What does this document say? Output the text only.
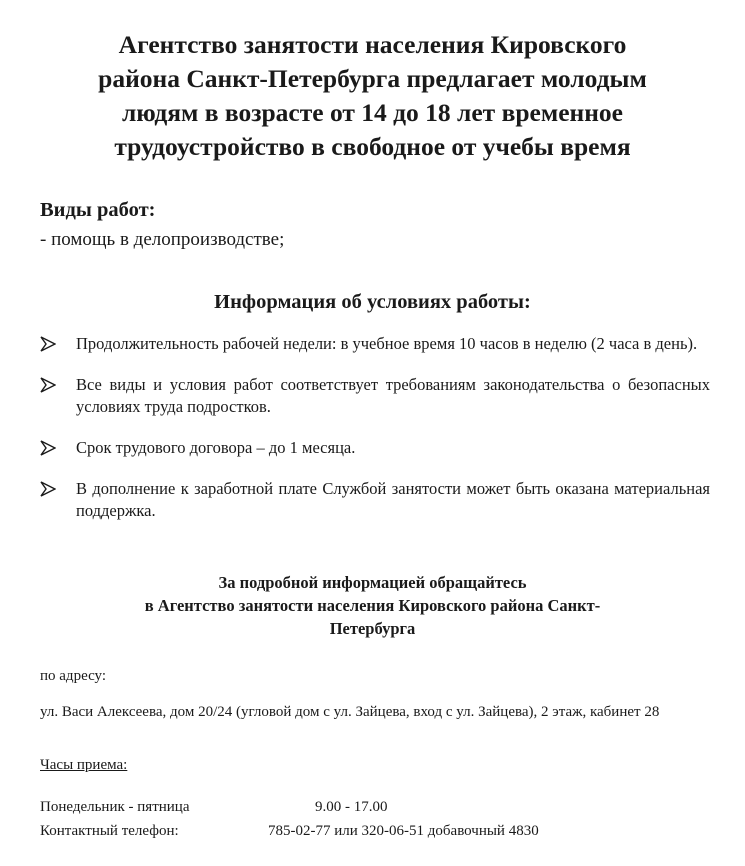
Агентство занятости населения Кировского
района Санкт-Петербурга предлагает молодым
людям в возрасте от 14 до 18 лет временное
трудоустройство в свободное от учебы время
Виды работ:

- помощь в делопроизводстве;

Информация об условиях работы:
Продолжительность рабочей недели: в учебное время 10 часов в неделю (2 часа в день).
Все виды и условия работ соответствует требованиям законодательства о безопасных условиях труда подростков.
Срок трудового договора – до 1 месяца.
В дополнение к заработной плате Службой занятости может быть оказана материальная поддержка.

За подробной информацией обращайтесь
в Агентство занятости населения Кировского района Санкт-
Петербурга

по адресу:

ул. Васи Алексеева, дом 20/24 (угловой дом с ул. Зайцева, вход с ул. Зайцева), 2 этаж, кабинет 28

Часы приема:

Понедельник - пятница	9.00 - 17.00
Контактный телефон:	785-02-77 или 320-06-51 добавочный 4830
